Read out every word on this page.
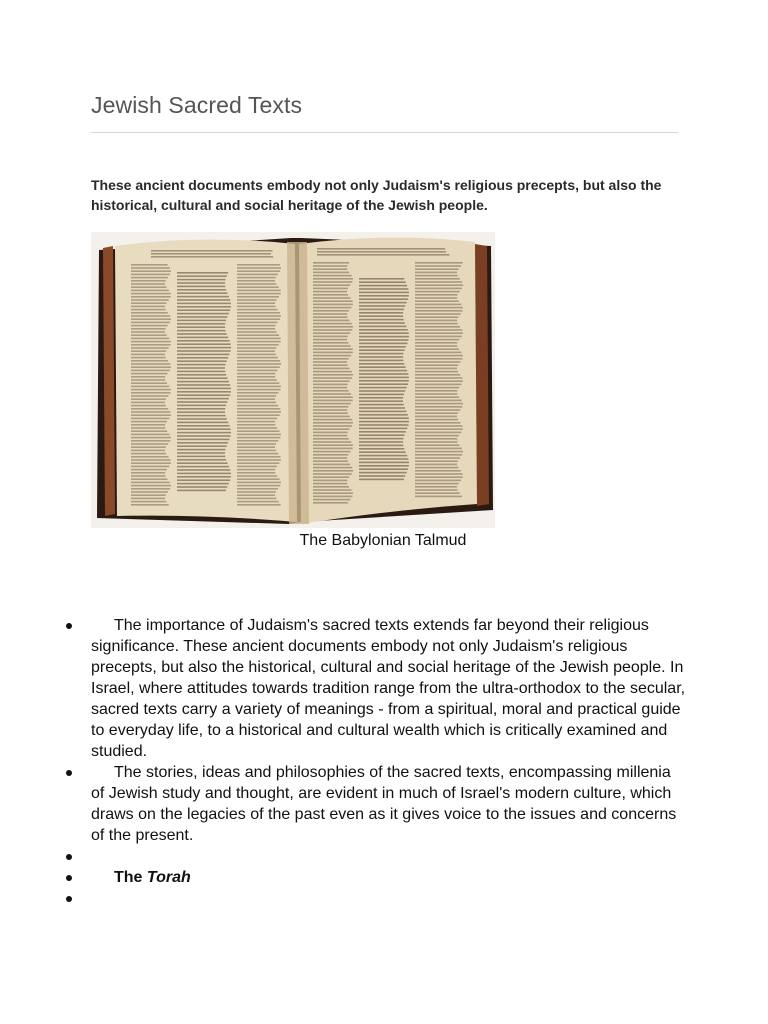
Jewish Sacred Texts

These ancient documents embody not only Judaism's religious precepts, but also the historical, cultural and social heritage of the Jewish people.

The Babylonian Talmud

The importance of Judaism's sacred texts extends far beyond their religious significance. These ancient documents embody not only Judaism's religious precepts, but also the historical, cultural and social heritage of the Jewish people. In Israel, where attitudes towards tradition range from the ultra-orthodox to the secular, sacred texts carry a variety of meanings - from a spiritual, moral and practical guide to everyday life, to a historical and cultural wealth which is critically examined and studied.
The stories, ideas and philosophies of the sacred texts, encompassing millenia of Jewish study and thought, are evident in much of Israel's modern culture, which draws on the legacies of the past even as it gives voice to the issues and concerns of the present.
The Torah
